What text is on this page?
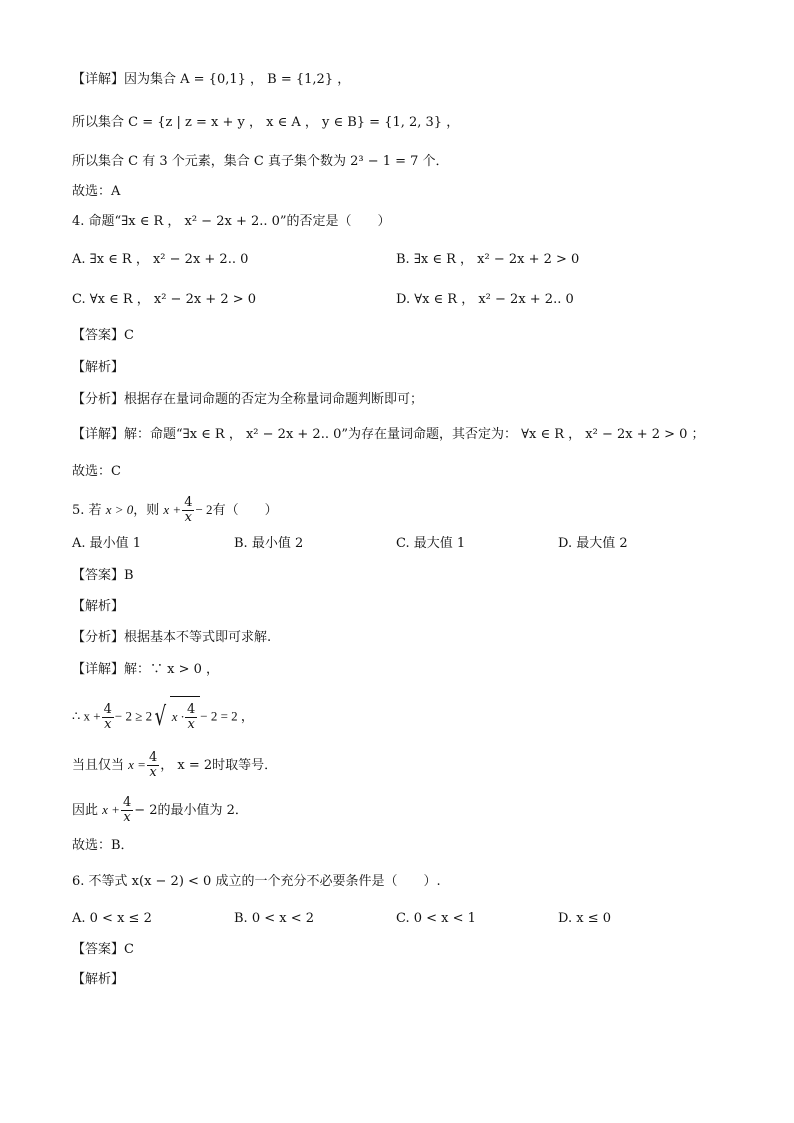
【详解】因为集合 A = {0,1} ， B = {1,2} ，
所以集合 C = {z | z = x + y ， x ∈ A ， y ∈ B} = {1, 2, 3} ，
所以集合 C 有 3 个元素，集合 C 真子集个数为 2³ − 1 = 7 个．
故选：A
4. 命题“∃x ∈ R ， x² − 2x + 2.. 0”的否定是（　　）
A. ∃x ∈ R ， x² − 2x + 2.. 0	B. ∃x ∈ R ， x² − 2x + 2 > 0
C. ∀x ∈ R ， x² − 2x + 2 > 0	D. ∀x ∈ R ， x² − 2x + 2.. 0
【答案】C
【解析】
【分析】根据存在量词命题的否定为全称量词命题判断即可；
【详解】解：命题“∃x ∈ R ， x² − 2x + 2.. 0”为存在量词命题，其否定为： ∀x ∈ R ， x² − 2x + 2 > 0 ；
故选：C
5. 若 x > 0，则 $x + \frac{4}{x} - 2$有（　　）
A. 最小值 1	B. 最小值 2	C. 最大值 1	D. 最大值 2
【答案】B
【解析】
【分析】根据基本不等式即可求解.
【详解】解：∵ x > 0 ，
∴ $x + \frac{4}{x} - 2 \ge 2√$ $x \cdot \frac{4}{x} - 2 = 2$ ，
当且仅当 $x = \frac{4}{x}$ ， x = 2时取等号．
因此 $x + \frac{4}{x} - 2$的最小值为 2．
故选：B．
6. 不等式 x(x − 2) < 0 成立的一个充分不必要条件是（　　）.
A. 0 < x ≤ 2	B. 0 < x < 2	C. 0 < x < 1	D. x ≤ 0
【答案】C
【解析】
